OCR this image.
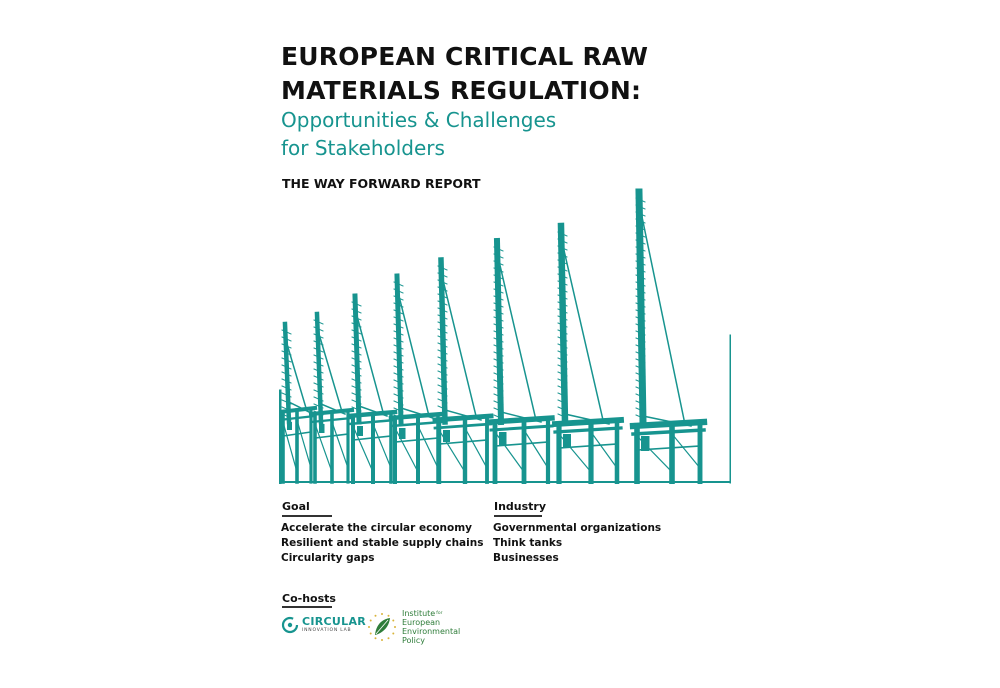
EUROPEAN CRITICAL RAW
MATERIALS REGULATION:
Opportunities & Challenges
for Stakeholders
THE WAY FORWARD REPORT
Goal
Accelerate the circular economy
Resilient and stable supply chains
Circularity gaps
Industry
Governmental organizations
Think tanks
Businesses
Co-hosts
CIRCULAR
INNOVATION LAB
Institute$^{for}$
European
Environmental
Policy
